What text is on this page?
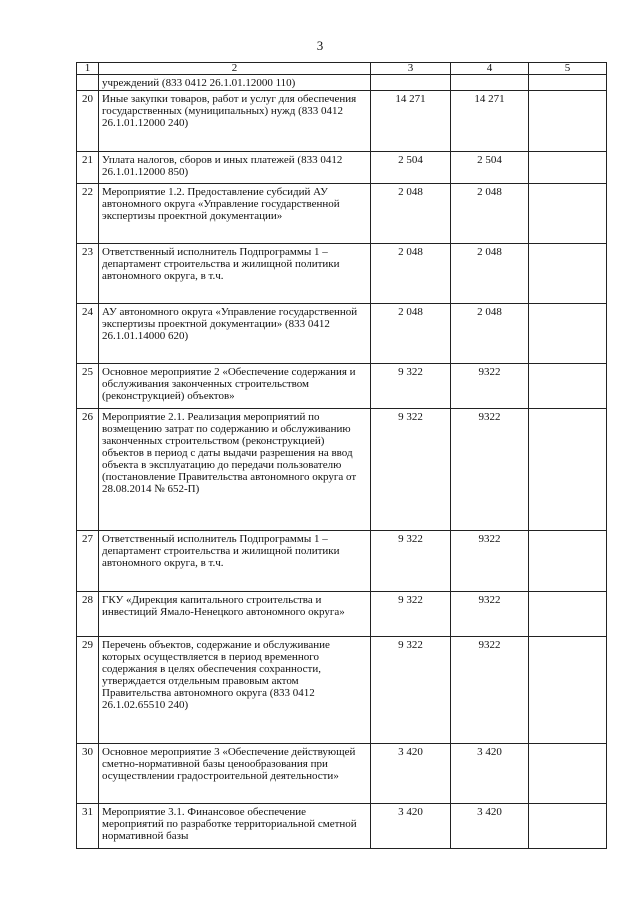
3
1	2	3	4	5
	учреждений (833 0412 26.1.01.12000 110)			
20	Иные закупки товаров, работ и услуг для обеспечения государственных (муниципальных) нужд (833 0412 26.1.01.12000 240)	14 271	14 271	
21	Уплата налогов, сборов и иных платежей (833 0412 26.1.01.12000 850)	2 504	2 504	
22	Мероприятие 1.2. Предоставление субсидий АУ автономного округа «Управление государственной экспертизы проектной документации»	2 048	2 048	
23	Ответственный исполнитель Подпрограммы 1 – департамент строительства и жилищной политики автономного округа, в т.ч.	2 048	2 048	
24	АУ автономного округа «Управление государственной экспертизы проектной документации» (833 0412 26.1.01.14000 620)	2 048	2 048	
25	Основное мероприятие 2 «Обеспечение содержания и обслуживания законченных строительством (реконструкцией) объектов»	9 322	9322	
26	Мероприятие 2.1. Реализация мероприятий по возмещению затрат по содержанию и обслуживанию законченных строительством (реконструкцией) объектов в период с даты выдачи разрешения на ввод объекта в эксплуатацию до передачи пользователю (постановление Правительства автономного округа от 28.08.2014 № 652-П)	9 322	9322	
27	Ответственный исполнитель Подпрограммы 1 – департамент строительства и жилищной политики автономного округа, в т.ч.	9 322	9322	
28	ГКУ «Дирекция капитального строительства и инвестиций Ямало-Ненецкого автономного округа»	9 322	9322	
29	Перечень объектов, содержание и обслуживание которых осуществляется в период временного содержания в целях обеспечения сохранности, утверждается отдельным правовым актом Правительства автономного округа (833 0412 26.1.02.65510 240)	9 322	9322	
30	Основное мероприятие 3 «Обеспечение действующей сметно-нормативной базы ценообразования при осуществлении градостроительной деятельности»	3 420	3 420	
31	Мероприятие 3.1. Финансовое обеспечение мероприятий по разработке территориальной сметной нормативной базы	3 420	3 420	
